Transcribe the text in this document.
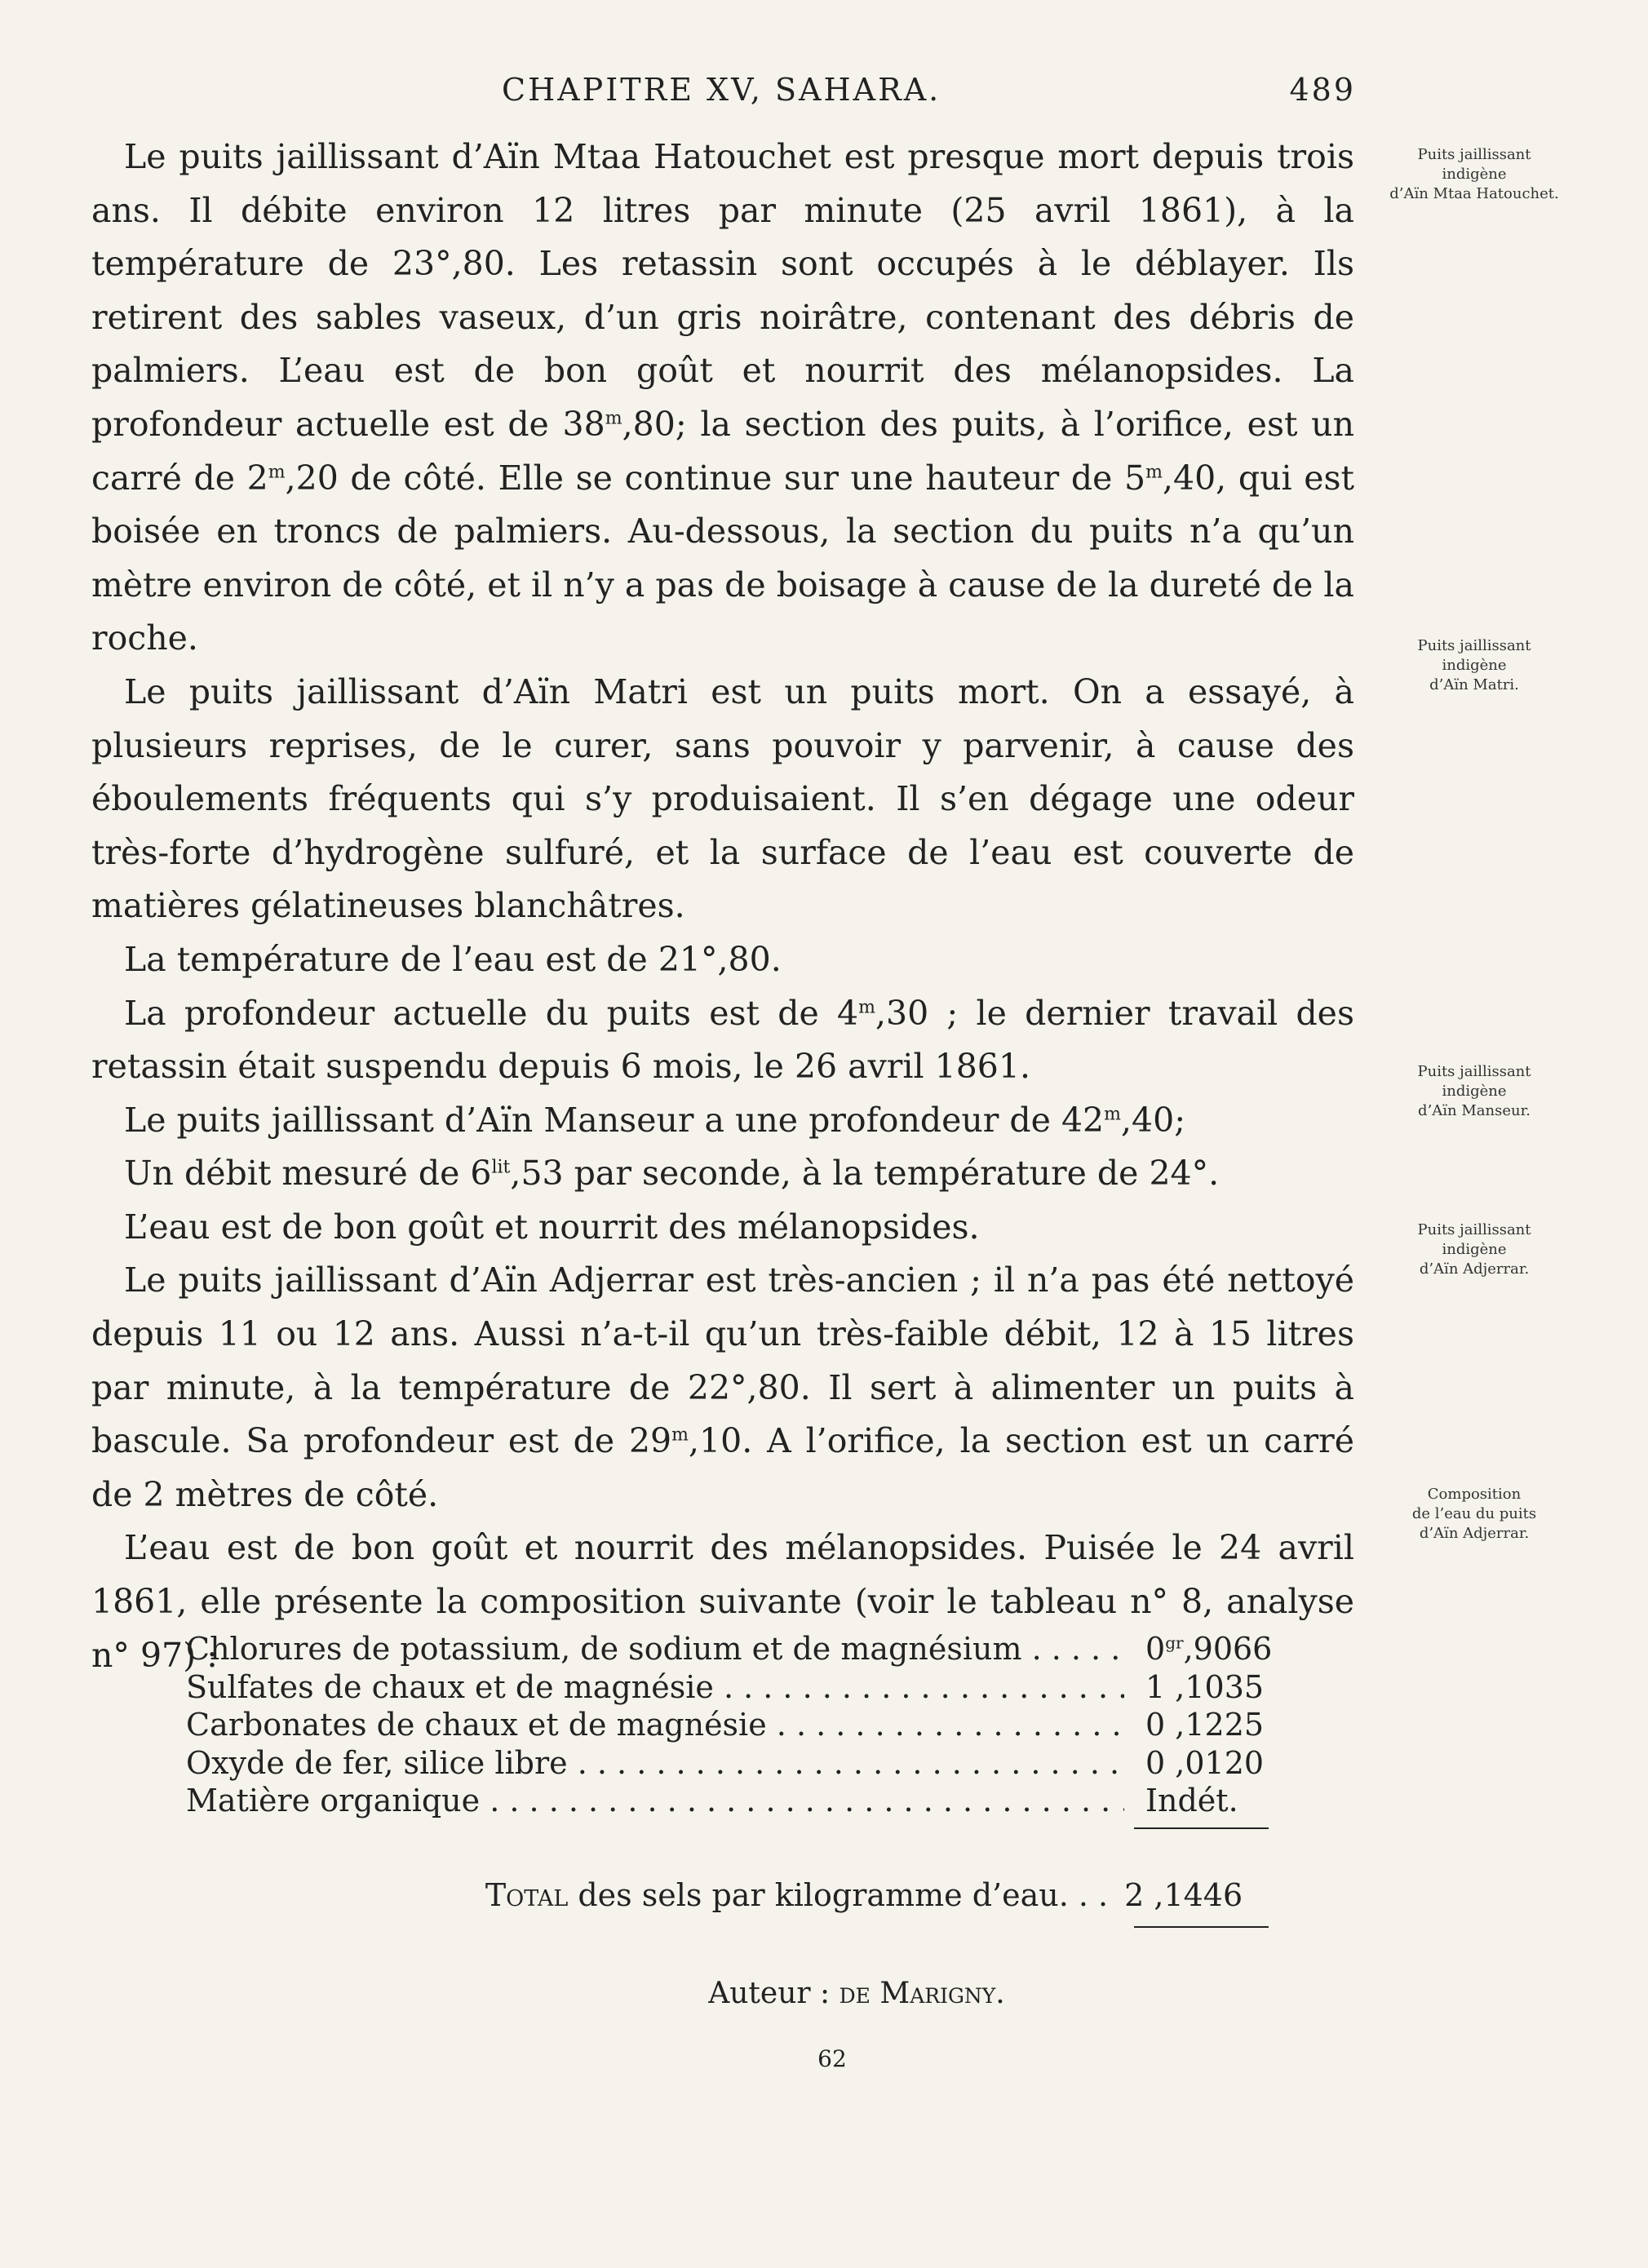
CHAPITRE XV, SAHARA.	489

Le puits jaillissant d’Aïn Mtaa Hatouchet est presque mort depuis trois ans. Il débite environ 12 litres par minute (25 avril 1861), à la température de 23°,80. Les retassin sont occupés à le déblayer. Ils retirent des sables vaseux, d’un gris noirâtre, contenant des débris de palmiers. L’eau est de bon goût et nourrit des mélanopsides. La profondeur actuelle est de 38$^m$,80; la section des puits, à l’orifice, est un carré de 2$^m$,20 de côté. Elle se continue sur une hauteur de 5$^m$,40, qui est boisée en troncs de palmiers. Au-dessous, la section du puits n’a qu’un mètre environ de côté, et il n’y a pas de boisage à cause de la dureté de la roche.

Le puits jaillissant d’Aïn Matri est un puits mort. On a essayé, à plusieurs reprises, de le curer, sans pouvoir y parvenir, à cause des éboulements fréquents qui s’y produisaient. Il s’en dégage une odeur très-forte d’hydrogène sulfuré, et la surface de l’eau est couverte de matières gélatineuses blanchâtres.

La température de l’eau est de 21°,80.

La profondeur actuelle du puits est de 4$^m$,30 ; le dernier travail des retassin était suspendu depuis 6 mois, le 26 avril 1861.

Le puits jaillissant d’Aïn Manseur a une profondeur de 42$^m$,40;

Un débit mesuré de $6^{lit},53$ par seconde, à la température de 24°.

L’eau est de bon goût et nourrit des mélanopsides.

Le puits jaillissant d’Aïn Adjerrar est très-ancien ; il n’a pas été nettoyé depuis 11 ou 12 ans. Aussi n’a-t-il qu’un très-faible débit, 12 à 15 litres par minute, à la température de 22°,80. Il sert à alimenter un puits à bascule. Sa profondeur est de 29$^m$,10. A l’orifice, la section est un carré de 2 mètres de côté.

L’eau est de bon goût et nourrit des mélanopsides. Puisée le 24 avril 1861, elle présente la composition suivante (voir le tableau n° 8, analyse n° 97) :

Puits jaillissant
indigène
d’Aïn Mtaa Hatouchet.
Puits jaillissant
indigène
d’Aïn Matri.
Puits jaillissant
indigène
d’Aïn Manseur.
Puits jaillissant
indigène
d’Aïn Adjerrar.
Composition
de l’eau du puits
d’Aïn Adjerrar.
Chlorures de potassium, de sodium et de magnésium . . .	$0^{gr},9066$
Sulfates de chaux et de magnésie . . .	1 ,1035
Carbonates de chaux et de magnésie . . .	0 ,1225
Oxyde de fer, silice libre . . .	0 ,0120
Matière organique . . .	Indét.
Total des sels par kilogramme d’eau. . . 2 ,1446
Auteur : de Marigny.
62
